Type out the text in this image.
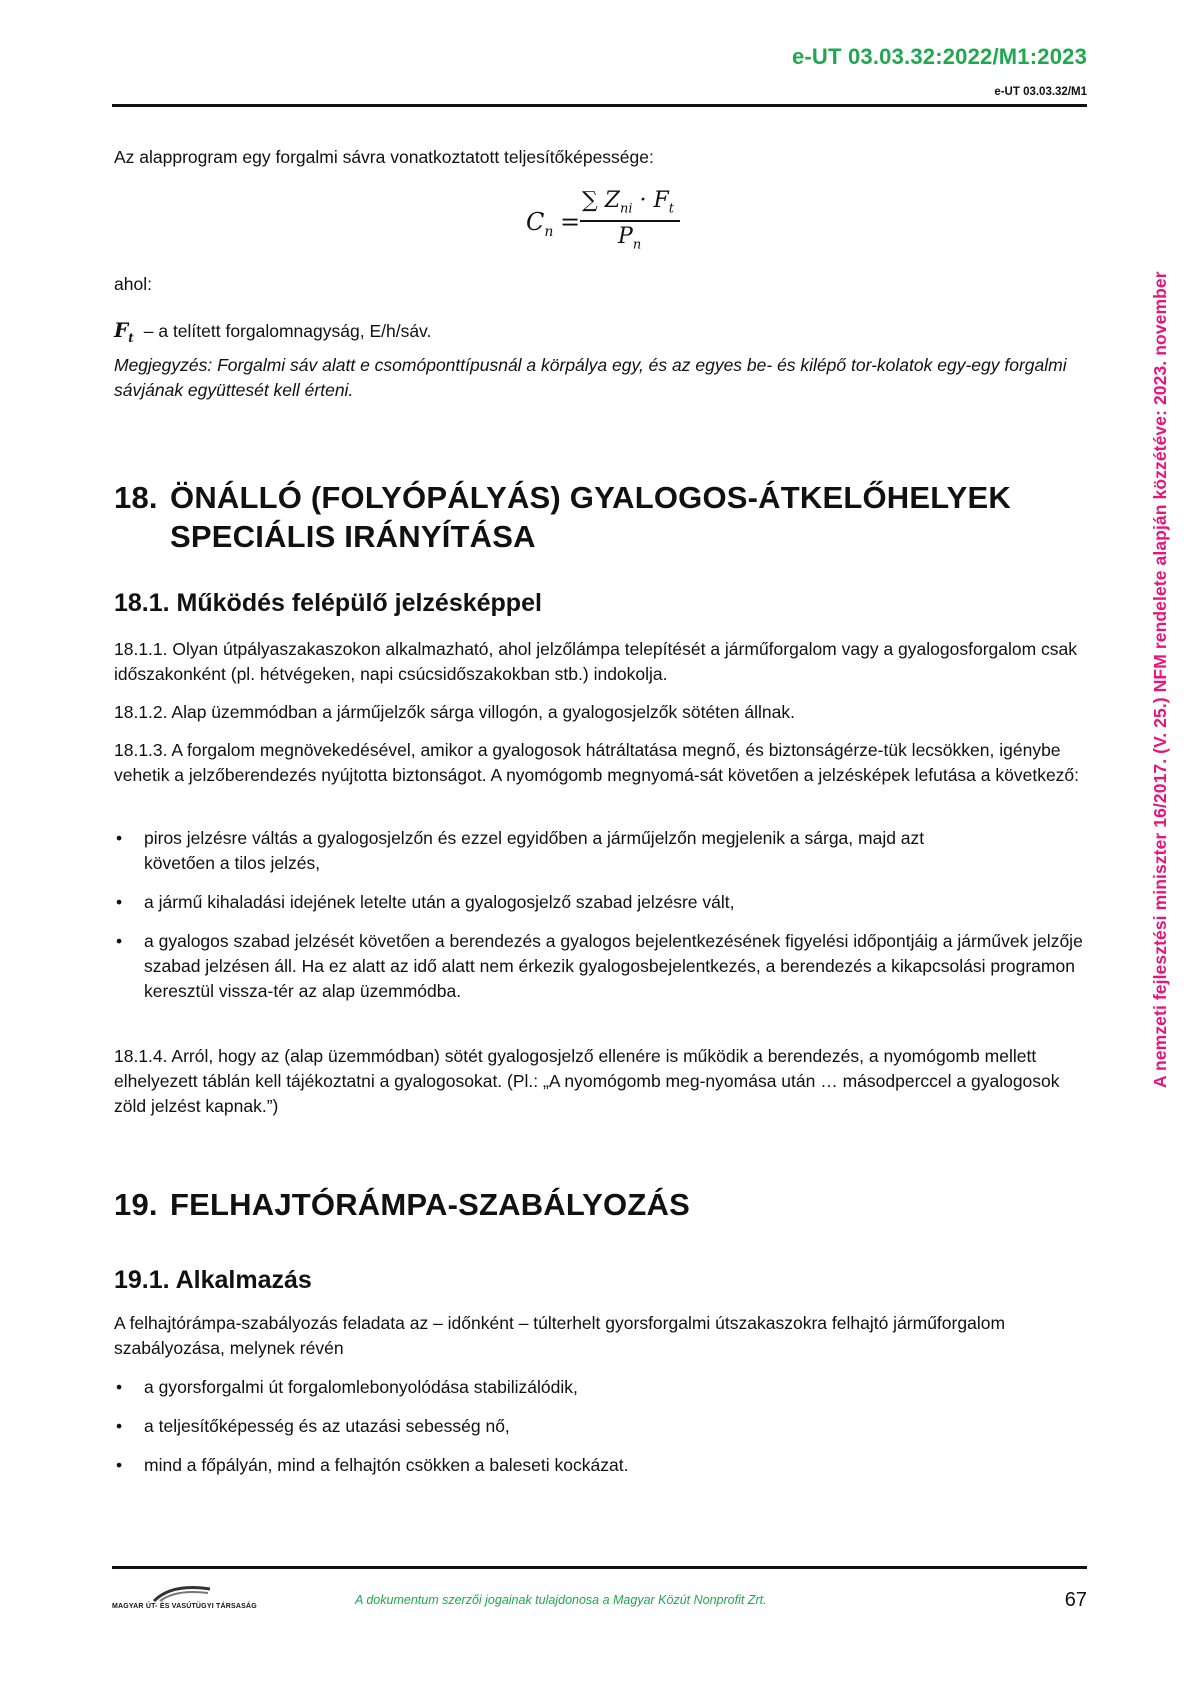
e-UT 03.03.32:2022/M1:2023
e-UT 03.03.32/M1

Az alapprogram egy forgalmi sávra vonatkoztatott teljesítőképessége:

$C_n$ =
∑ $Z_{ni} \cdot F_t$
$P_n$

ahol:

$F_t$ – a telített forgalomnagyság, E/h/sáv.

Megjegyzés: Forgalmi sáv alatt e csomóponttípusnál a körpálya egy, és az egyes be- és kilépő tor-kolatok egy-egy forgalmi sávjának együttesét kell érteni.

18. ÖNÁLLÓ (FOLYÓPÁLYÁS) GYALOGOS-ÁTKELŐHELYEK
SPECIÁLIS IRÁNYÍTÁSA
18.1. Működés felépülő jelzésképpel

18.1.1. Olyan útpályaszakaszokon alkalmazható, ahol jelzőlámpa telepítését a járműforgalom vagy a gyalogosforgalom csak időszakonként (pl. hétvégeken, napi csúcsidőszakokban stb.) indokolja.

18.1.2. Alap üzemmódban a járműjelzők sárga villogón, a gyalogosjelzők sötéten állnak.

18.1.3. A forgalom megnövekedésével, amikor a gyalogosok hátráltatása megnő, és biztonságérze-tük lecsökken, igénybe vehetik a jelzőberendezés nyújtotta biztonságot. A nyomógomb megnyomá-sát követően a jelzésképek lefutása a következő:

• piros jelzésre váltás a gyalogosjelzőn és ezzel egyidőben a járműjelzőn megjelenik a sárga, majd azt követően a tilos jelzés,
• a jármű kihaladási idejének letelte után a gyalogosjelző szabad jelzésre vált,
• a gyalogos szabad jelzését követően a berendezés a gyalogos bejelentkezésének figyelési időpontjáig a járművek jelzője szabad jelzésen áll. Ha ez alatt az idő alatt nem érkezik gyalogosbejelentkezés, a berendezés a kikapcsolási programon keresztül vissza-tér az alap üzemmódba.

18.1.4. Arról, hogy az (alap üzemmódban) sötét gyalogosjelző ellenére is működik a berendezés, a nyomógomb mellett elhelyezett táblán kell tájékoztatni a gyalogosokat. (Pl.: „A nyomógomb meg-nyomása után … másodperccel a gyalogosok zöld jelzést kapnak.”)

19. FELHAJTÓRÁMPA-SZABÁLYOZÁS
19.1. Alkalmazás

A felhajtórámpa-szabályozás feladata az – időnként – túlterhelt gyorsforgalmi útszakaszokra felhajtó járműforgalom szabályozása, melynek révén

• a gyorsforgalmi út forgalomlebonyolódása stabilizálódik,
• a teljesítőképesség és az utazási sebesség nő,
• mind a főpályán, mind a felhajtón csökken a baleseti kockázat.
MAGYAR ÚT- ÉS VASÚTÜGYI TÁRSASÁG	A dokumentum szerzői jogainak tulajdonosa a Magyar Közút Nonprofit Zrt.	67
A nemzeti fejlesztési miniszter 16/2017. (V. 25.) NFM rendelete alapján közzétéve: 2023. november
